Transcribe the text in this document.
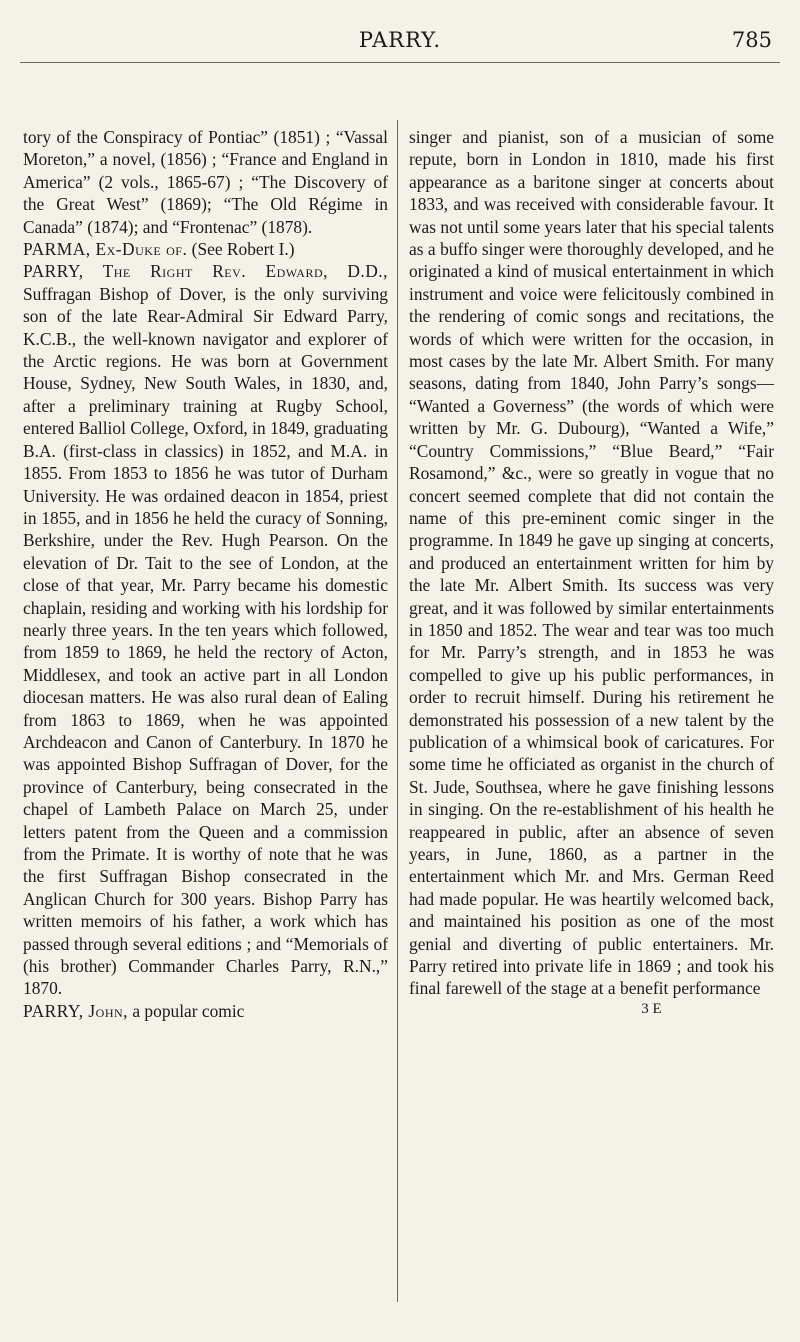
PARRY.	785

tory of the Conspiracy of Pontiac” (1851) ; “Vassal Moreton,” a novel, (1856) ; “France and England in America” (2 vols., 1865-67) ; “The Discovery of the Great West” (1869); “The Old Régime in Canada” (1874); and “Frontenac” (1878).

PARMA, Ex-Duke of. (See Robert I.)

PARRY, The Right Rev. Edward, D.D., Suffragan Bishop of Dover, is the only surviving son of the late Rear-Admiral Sir Edward Parry, K.C.B., the well-known navigator and explorer of the Arctic regions. He was born at Government House, Sydney, New South Wales, in 1830, and, after a preliminary training at Rugby School, entered Balliol College, Oxford, in 1849, graduating B.A. (first-class in classics) in 1852, and M.A. in 1855. From 1853 to 1856 he was tutor of Durham University. He was ordained deacon in 1854, priest in 1855, and in 1856 he held the curacy of Sonning, Berkshire, under the Rev. Hugh Pearson. On the elevation of Dr. Tait to the see of London, at the close of that year, Mr. Parry became his domestic chaplain, residing and working with his lordship for nearly three years. In the ten years which followed, from 1859 to 1869, he held the rectory of Acton, Middlesex, and took an active part in all London diocesan matters. He was also rural dean of Ealing from 1863 to 1869, when he was appointed Archdeacon and Canon of Canterbury. In 1870 he was appointed Bishop Suffragan of Dover, for the province of Canterbury, being consecrated in the chapel of Lambeth Palace on March 25, under letters patent from the Queen and a commission from the Primate. It is worthy of note that he was the first Suffragan Bishop consecrated in the Anglican Church for 300 years. Bishop Parry has written memoirs of his father, a work which has passed through several editions ; and “Memorials of (his brother) Commander Charles Parry, R.N.,” 1870.

PARRY, John, a popular comic

singer and pianist, son of a musician of some repute, born in London in 1810, made his first appearance as a baritone singer at concerts about 1833, and was received with considerable favour. It was not until some years later that his special talents as a buffo singer were thoroughly developed, and he originated a kind of musical entertainment in which instrument and voice were felicitously combined in the rendering of comic songs and recitations, the words of which were written for the occasion, in most cases by the late Mr. Albert Smith. For many seasons, dating from 1840, John Parry’s songs— “Wanted a Governess” (the words of which were written by Mr. G. Dubourg), “Wanted a Wife,” “Country Commissions,” “Blue Beard,” “Fair Rosamond,” &c., were so greatly in vogue that no concert seemed complete that did not contain the name of this pre-eminent comic singer in the programme. In 1849 he gave up singing at concerts, and produced an entertainment written for him by the late Mr. Albert Smith. Its success was very great, and it was followed by similar entertainments in 1850 and 1852. The wear and tear was too much for Mr. Parry’s strength, and in 1853 he was compelled to give up his public performances, in order to recruit himself. During his retirement he demonstrated his possession of a new talent by the publication of a whimsical book of caricatures. For some time he officiated as organist in the church of St. Jude, Southsea, where he gave finishing lessons in singing. On the re-establishment of his health he reappeared in public, after an absence of seven years, in June, 1860, as a partner in the entertainment which Mr. and Mrs. German Reed had made popular. He was heartily welcomed back, and maintained his position as one of the most genial and diverting of public entertainers. Mr. Parry retired into private life in 1869 ; and took his final farewell of the stage at a benefit performance

3 E
